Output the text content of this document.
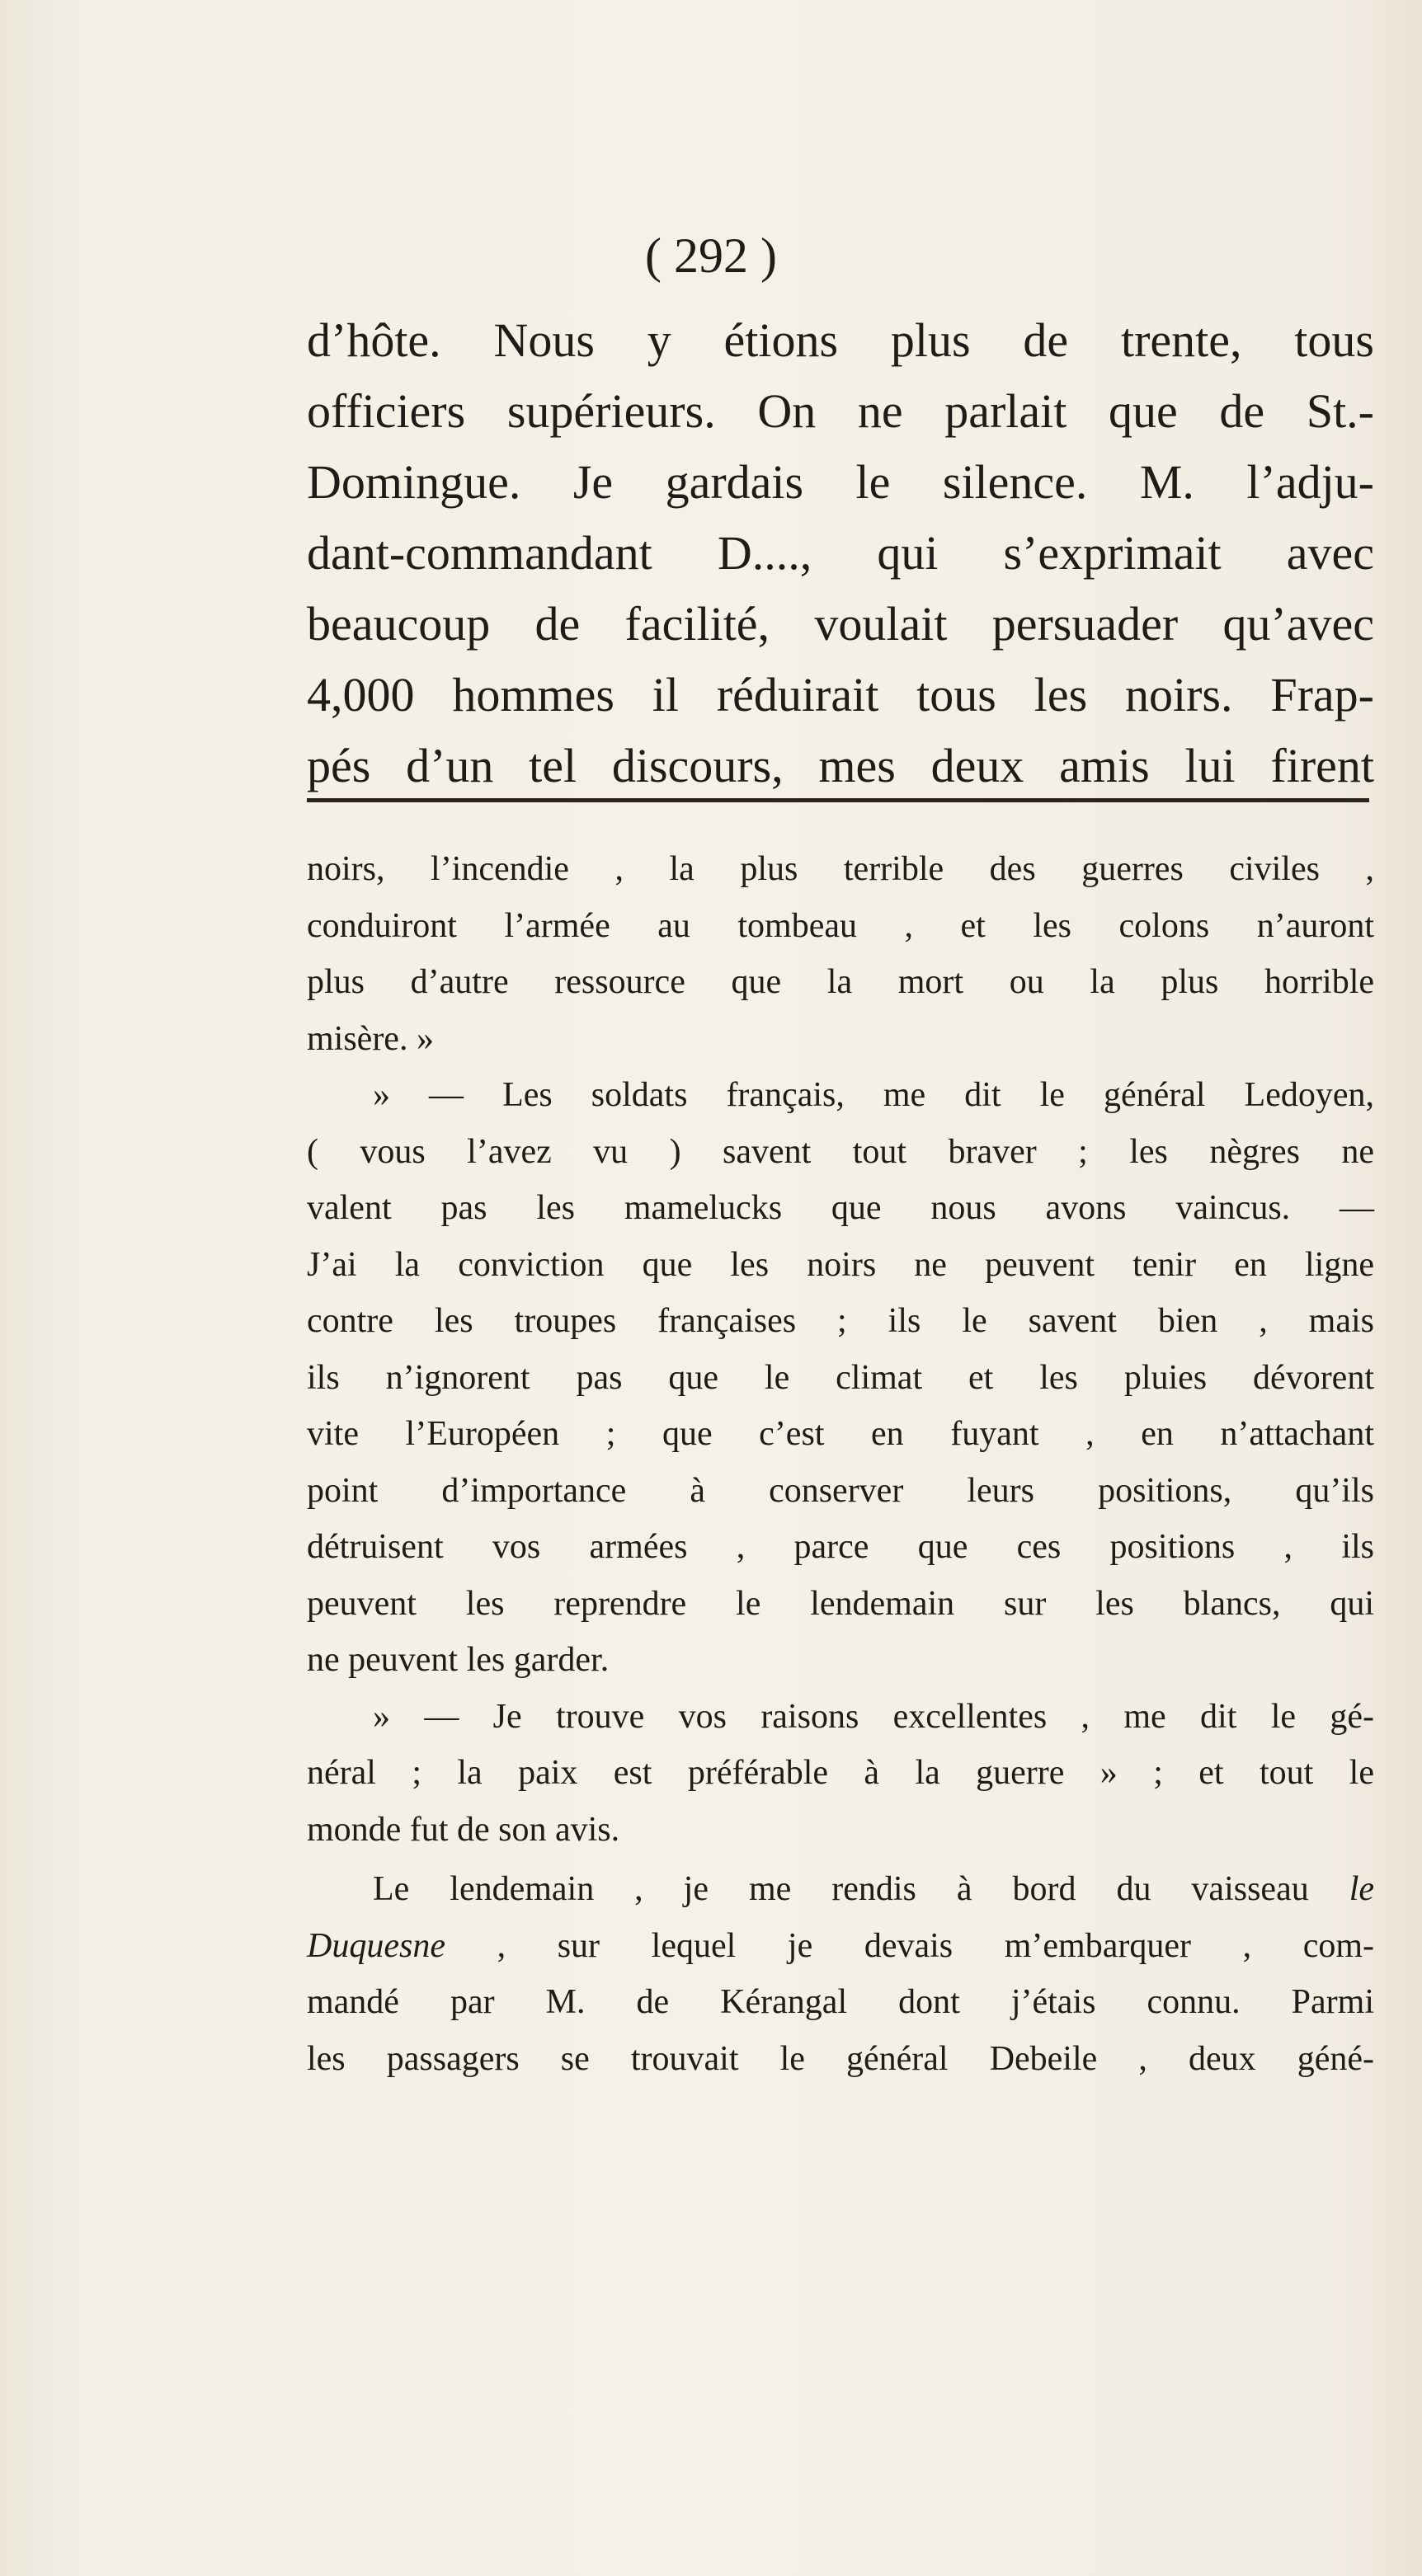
( 292 )
d’hôte. Nous y étions plus de trente, tous
officiers supérieurs. On ne parlait que de St.-
Domingue. Je gardais le silence. M. l’adju-
dant-commandant D...., qui s’exprimait avec
beaucoup de facilité, voulait persuader qu’avec
4,000 hommes il réduirait tous les noirs. Frap-
pés d’un tel discours, mes deux amis lui firent
noirs, l’incendie , la plus terrible des guerres civiles ,
conduiront l’armée au tombeau , et les colons n’auront
plus d’autre ressource que la mort ou la plus horrible
misère. »
» — Les soldats français, me dit le général Ledoyen,
( vous l’avez vu ) savent tout braver ; les nègres ne
valent pas les mamelucks que nous avons vaincus. —
J’ai la conviction que les noirs ne peuvent tenir en ligne
contre les troupes françaises ; ils le savent bien , mais
ils n’ignorent pas que le climat et les pluies dévorent
vite l’Européen ; que c’est en fuyant , en n’attachant
point d’importance à conserver leurs positions, qu’ils
détruisent vos armées , parce que ces positions , ils
peuvent les reprendre le lendemain sur les blancs, qui
ne peuvent les garder.
» — Je trouve vos raisons excellentes , me dit le gé-
néral ; la paix est préférable à la guerre » ; et tout le
monde fut de son avis.
Le lendemain , je me rendis à bord du vaisseau le
Duquesne , sur lequel je devais m’embarquer , com-
mandé par M. de Kérangal dont j’étais connu. Parmi
les passagers se trouvait le général Debeile , deux géné-
